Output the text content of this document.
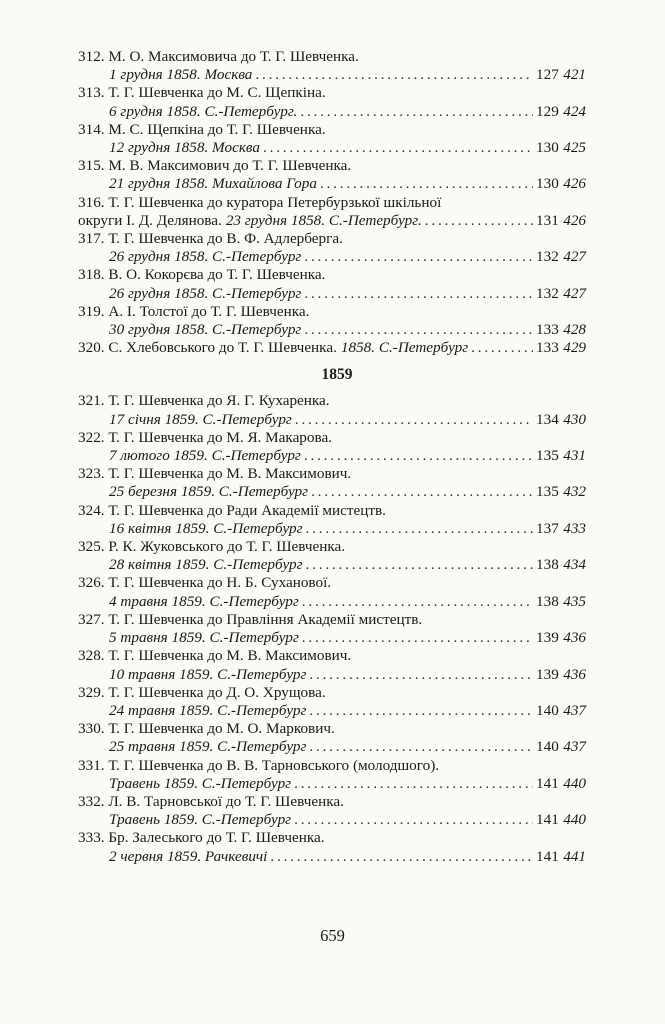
312. М. О. Максимовича до Т. Г. Шевченка.
1 грудня 1858. Москва . . .	127 421
313. Т. Г. Шевченка до М. С. Щепкіна.
6 грудня 1858. С.-Петербург. . . .	129 424
314. М. С. Щепкіна до Т. Г. Шевченка.
12 грудня 1858. Москва . . .	130 425
315. М. В. Максимович до Т. Г. Шевченка.
21 грудня 1858. Михайлова Гора . . .	130 426
316. Т. Г. Шевченка до куратора Петербурзької шкільної
округи І. Д. Делянова. 23 грудня 1858. С.-Петербург. . . .	131 426
317. Т. Г. Шевченка до В. Ф. Адлерберга.
26 грудня 1858. С.-Петербург . . .	132 427
318. В. О. Кокорєва до Т. Г. Шевченка.
26 грудня 1858. С.-Петербург . . .	132 427
319. А. І. Толстої до Т. Г. Шевченка.
30 грудня 1858. С.-Петербург . . .	133 428
320. С. Хлебовського до Т. Г. Шевченка. 1858. С.-Петербург . . .	133 429
1859
321. Т. Г. Шевченка до Я. Г. Кухаренка.
17 січня 1859. С.-Петербург . . .	134 430
322. Т. Г. Шевченка до М. Я. Макарова.
7 лютого 1859. С.-Петербург . . .	135 431
323. Т. Г. Шевченка до М. В. Максимович.
25 березня 1859. С.-Петербург . . .	135 432
324. Т. Г. Шевченка до Ради Академії мистецтв.
16 квітня 1859. С.-Петербург . . .	137 433
325. Р. К. Жуковського до Т. Г. Шевченка.
28 квітня 1859. С.-Петербург . . .	138 434
326. Т. Г. Шевченка до Н. Б. Суханової.
4 травня 1859. С.-Петербург . . .	138 435
327. Т. Г. Шевченка до Правління Академії мистецтв.
5 травня 1859. С.-Петербург . . .	139 436
328. Т. Г. Шевченка до М. В. Максимович.
10 травня 1859. С.-Петербург . . .	139 436
329. Т. Г. Шевченка до Д. О. Хрущова.
24 травня 1859. С.-Петербург . . .	140 437
330. Т. Г. Шевченка до М. О. Маркович.
25 травня 1859. С.-Петербург . . .	140 437
331. Т. Г. Шевченка до В. В. Тарновського (молодшого).
Травень 1859. С.-Петербург . . .	141 440
332. Л. В. Тарновської до Т. Г. Шевченка.
Травень 1859. С.-Петербург . . .	141 440
333. Бр. Залеського до Т. Г. Шевченка.
2 червня 1859. Рачкевичі . . .	141 441
659
